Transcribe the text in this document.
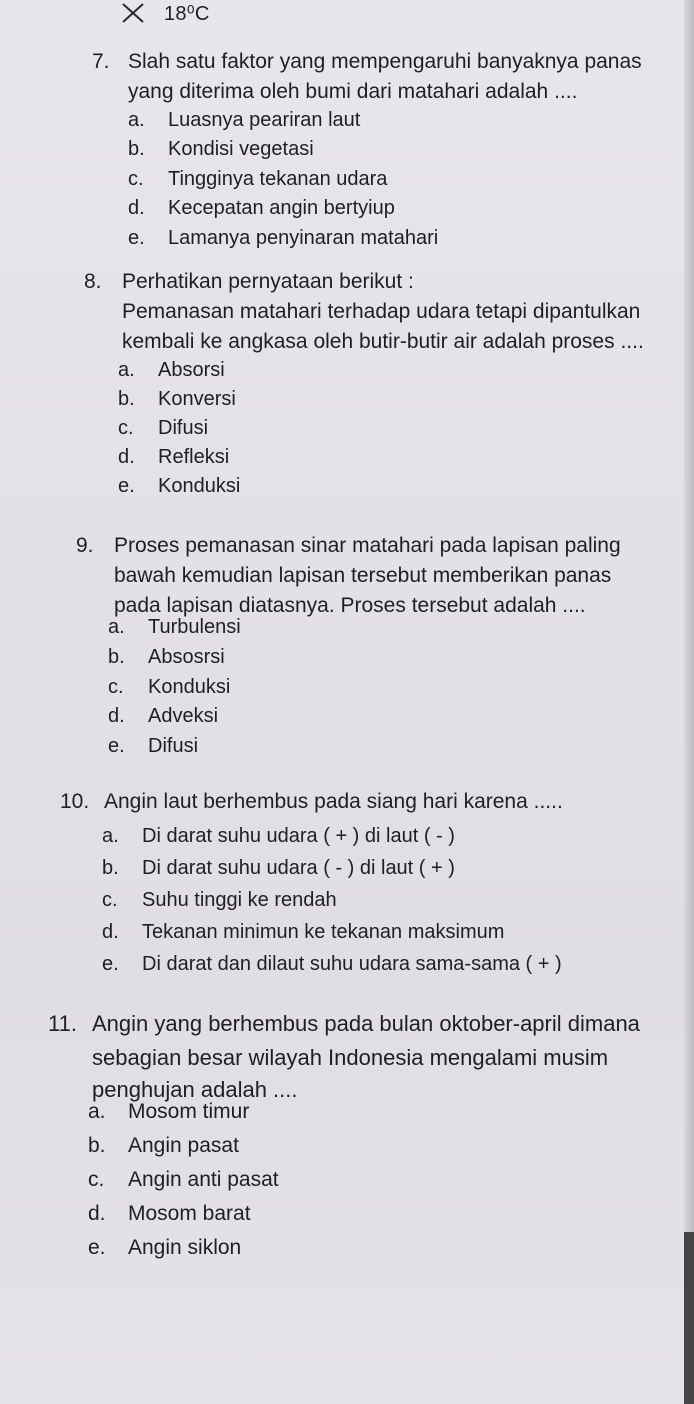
18⁰C
7. Slah satu faktor yang mempengaruhi banyaknya panas
yang diterima oleh bumi dari matahari adalah ....
a. Luasnya peariran laut
b. Kondisi vegetasi
c. Tingginya tekanan udara
d. Kecepatan angin bertyiup
e. Lamanya penyinaran matahari
8. Perhatikan pernyataan berikut :
Pemanasan matahari terhadap udara tetapi dipantulkan
kembali ke angkasa oleh butir-butir air adalah proses ....
a. Absorsi
b. Konversi
c. Difusi
d. Refleksi
e. Konduksi
9. Proses pemanasan sinar matahari pada lapisan paling
bawah kemudian lapisan tersebut memberikan panas
pada lapisan diatasnya. Proses tersebut adalah ....
a. Turbulensi
b. Absosrsi
c. Konduksi
d. Adveksi
e. Difusi
10. Angin laut berhembus pada siang hari karena .....
a. Di darat suhu udara ( + ) di laut ( - )
b. Di darat suhu udara ( - ) di laut ( + )
c. Suhu tinggi ke rendah
d. Tekanan minimun ke tekanan maksimum
e. Di darat dan dilaut suhu udara sama-sama ( + )
11. Angin yang berhembus pada bulan oktober-april dimana
sebagian besar wilayah Indonesia mengalami musim
penghujan adalah ....
a. Mosom timur
b. Angin pasat
c. Angin anti pasat
d. Mosom barat
e. Angin siklon
